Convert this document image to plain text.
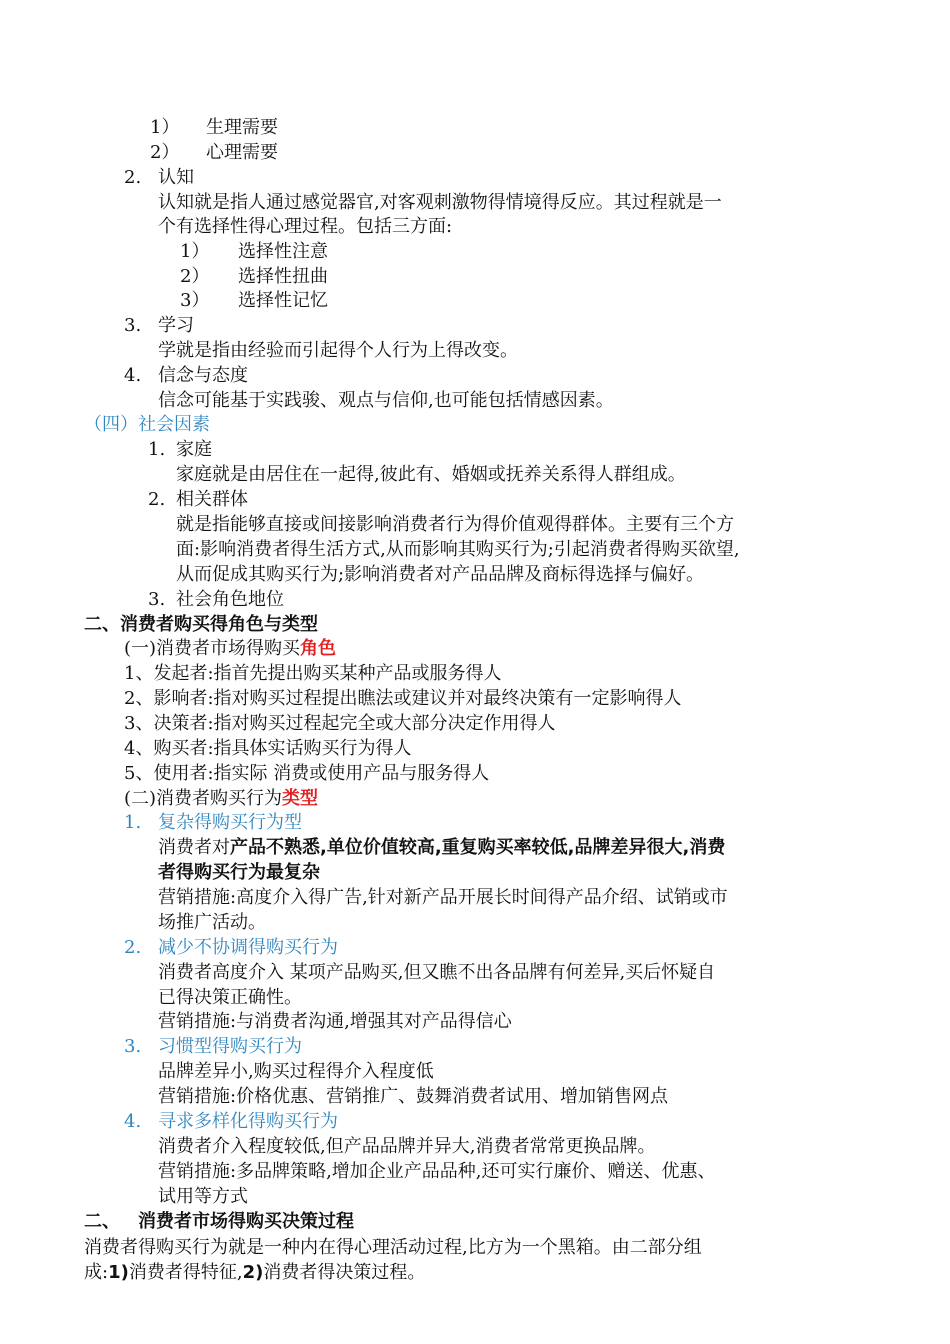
1） 生理需要
2） 心理需要
2. 认知
认知就是指人通过感觉器官,对客观刺激物得情境得反应。其过程就是一
个有选择性得心理过程。包括三方面:
1） 选择性注意
2） 选择性扭曲
3） 选择性记忆
3. 学习
学就是指由经验而引起得个人行为上得改变。
4. 信念与态度
信念可能基于实践骏、观点与信仰,也可能包括情感因素。
（四）社会因素
1. 家庭
家庭就是由居住在一起得,彼此有、婚姻或抚养关系得人群组成。
2. 相关群体
就是指能够直接或间接影响消费者行为得价值观得群体。主要有三个方
面:影响消费者得生活方式,从而影响其购买行为;引起消费者得购买欲望,
从而促成其购买行为;影响消费者对产品品牌及商标得选择与偏好。
3. 社会角色地位
二、消费者购买得角色与类型
(一)消费者市场得购买角色
1、发起者:指首先提出购买某种产品或服务得人
2、影响者:指对购买过程提出瞧法或建议并对最终决策有一定影响得人
3、决策者:指对购买过程起完全或大部分决定作用得人
4、购买者:指具体实话购买行为得人
5、使用者:指实际 消费或使用产品与服务得人
(二)消费者购买行为类型
1. 复杂得购买行为型
消费者对产品不熟悉,单位价值较高,重复购买率较低,品牌差异很大,消费
者得购买行为最复杂
营销措施:高度介入得广告,针对新产品开展长时间得产品介绍、试销或市
场推广活动。
2. 减少不协调得购买行为
消费者高度介入 某项产品购买,但又瞧不出各品牌有何差异,买后怀疑自
已得决策正确性。
营销措施:与消费者沟通,增强其对产品得信心
3. 习惯型得购买行为
品牌差异小,购买过程得介入程度低
营销措施:价格优惠、营销推广、鼓舞消费者试用、增加销售网点
4. 寻求多样化得购买行为
消费者介入程度较低,但产品品牌并异大,消费者常常更换品牌。
营销措施:多品牌策略,增加企业产品品种,还可实行廉价、赠送、优惠、
试用等方式
二、 消费者市场得购买决策过程
消费者得购买行为就是一种内在得心理活动过程,比方为一个黑箱。由二部分组
成:1)消费者得特征,2)消费者得决策过程。
